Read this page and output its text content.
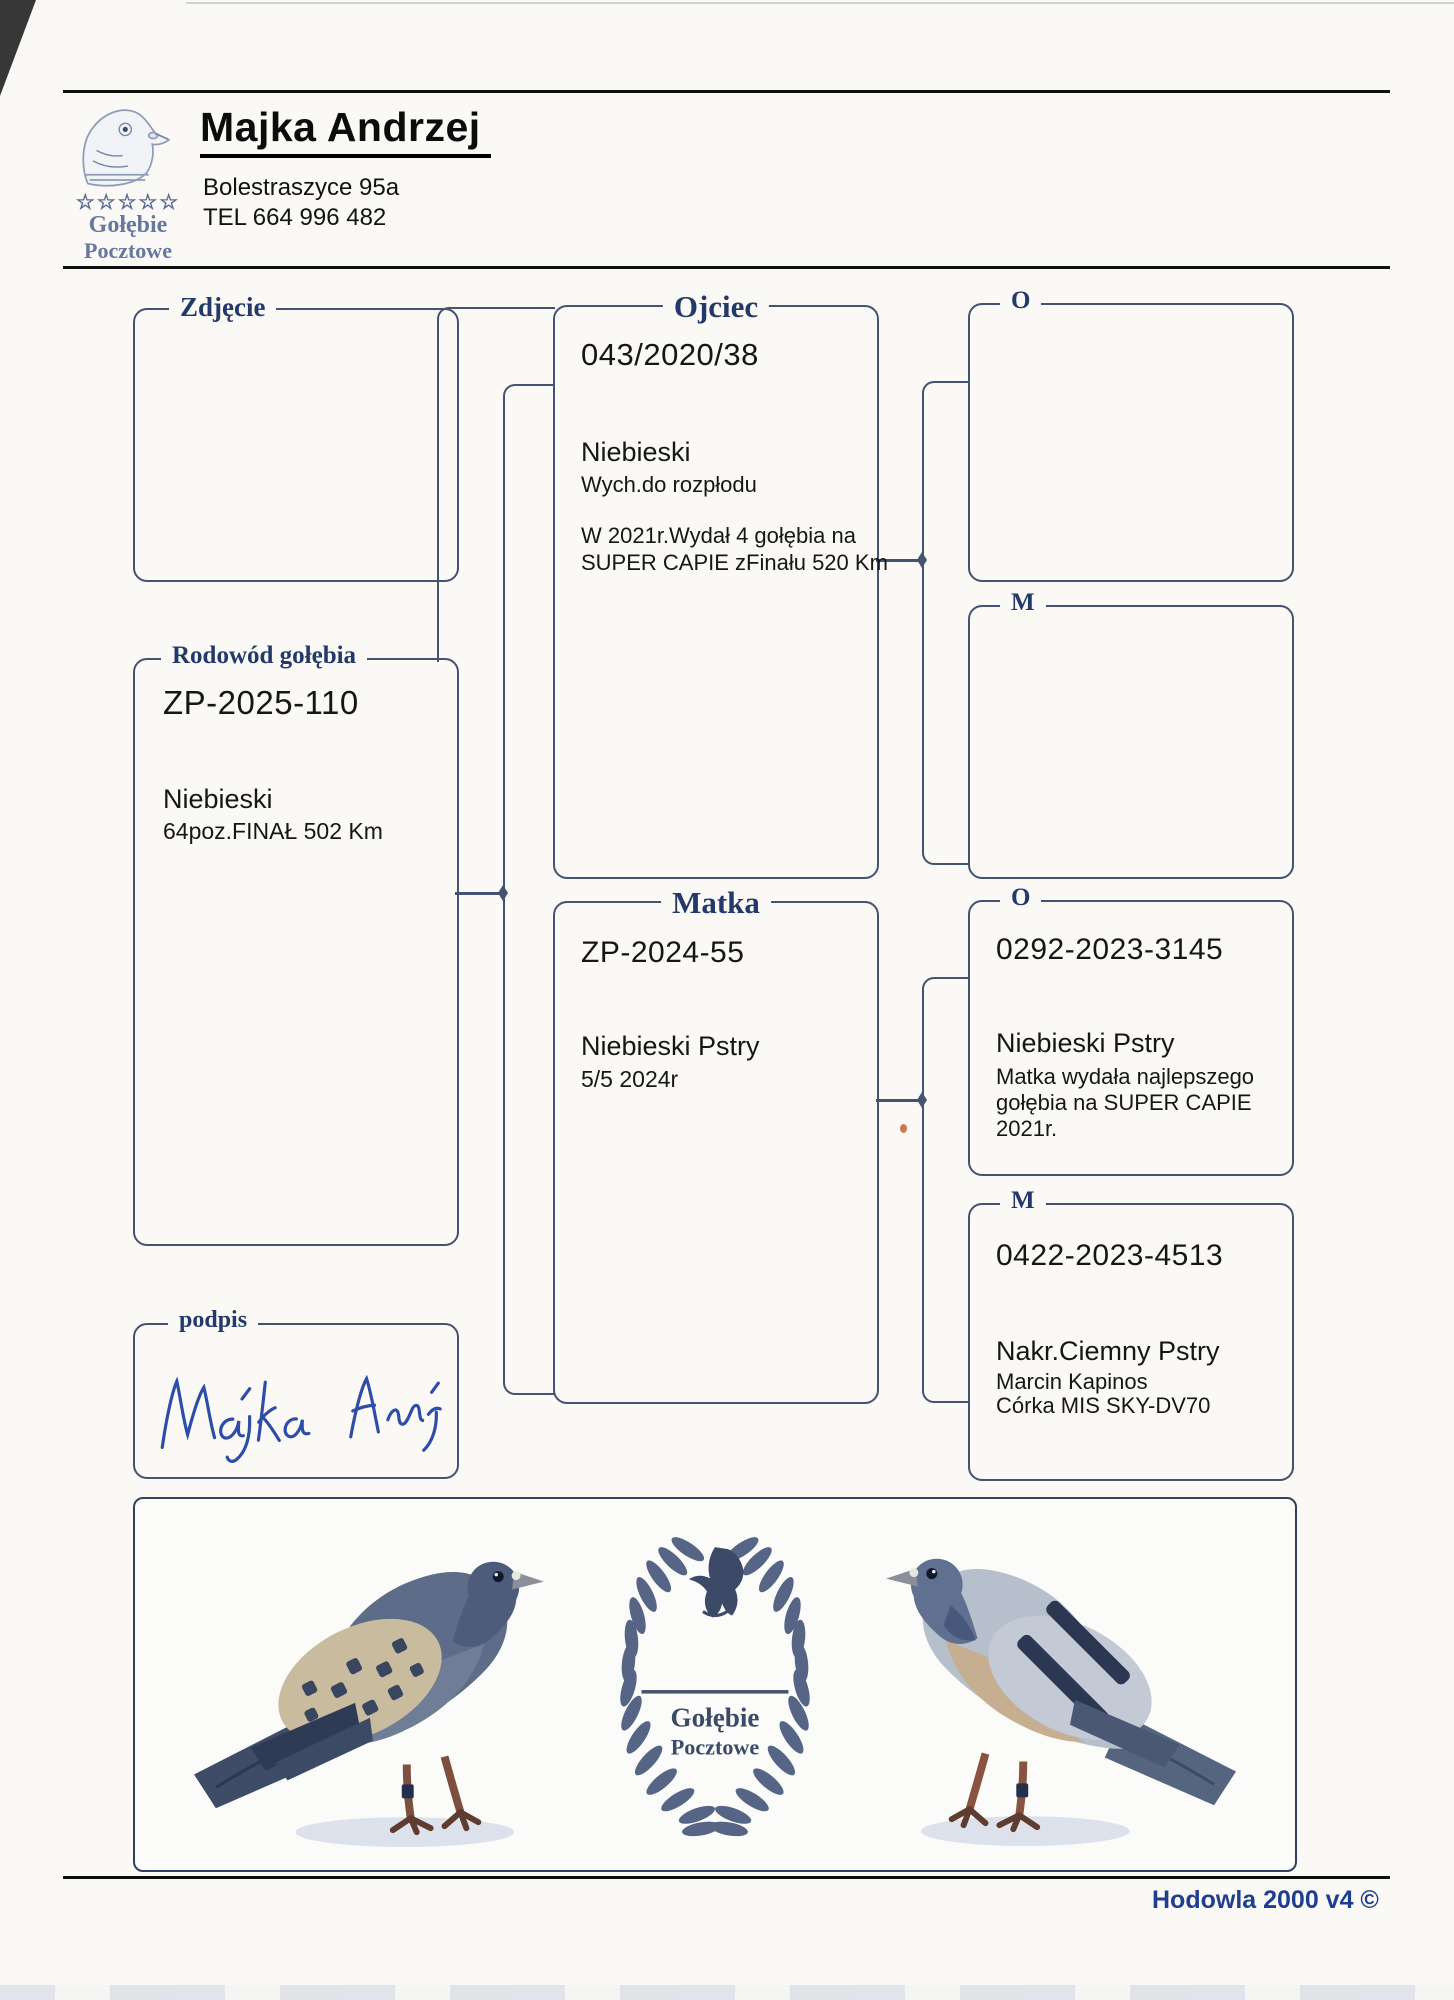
☆☆☆☆☆
Gołębie
Pocztowe
Majka Andrzej
Bolestraszyce 95a
TEL 664 996 482
Zdjęcie
Rodowód gołębia
ZP-2025-110
Niebieski
64poz.FINAŁ 502 Km
podpis
Ojciec
043/2020/38
Niebieski
Wych.do rozpłodu
W 2021r.Wydał 4 gołębia na
SUPER CAPIE zFinału 520 Km
Matka
ZP-2024-55
Niebieski Pstry
5/5 2024r
O
M
O
0292-2023-3145
Niebieski Pstry
Matka wydała najlepszego
gołębia na SUPER CAPIE
2021r.
M
0422-2023-4513
Nakr.Ciemny Pstry
Marcin Kapinos
Córka MIS SKY-DV70
Gołębie
Pocztowe
Hodowla 2000 v4 ©
